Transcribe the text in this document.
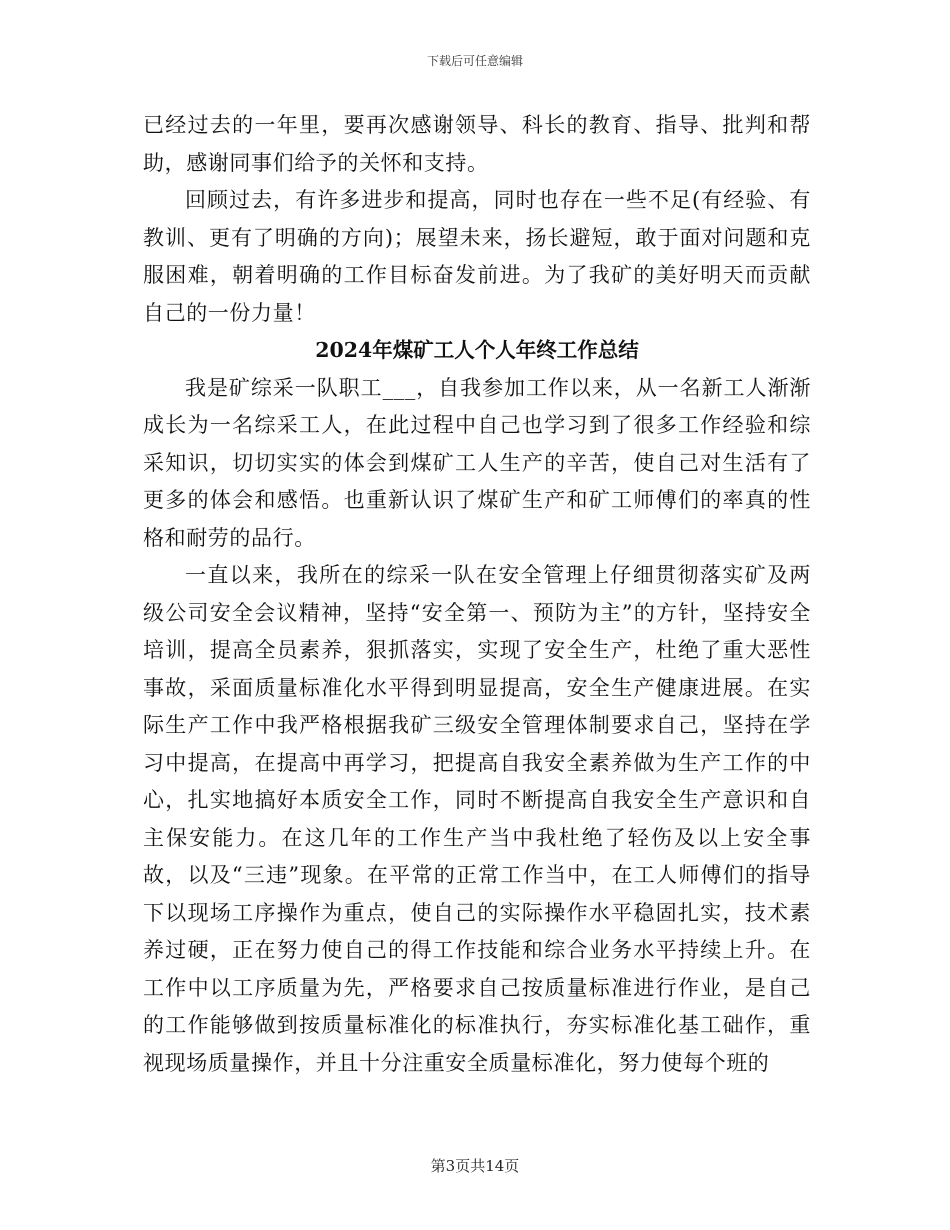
下载后可任意编辑

已经过去的一年里，要再次感谢领导、科长的教育、指导、批判和帮助，感谢同事们给予的关怀和支持。

回顾过去，有许多进步和提高，同时也存在一些不足(有经验、有教训、更有了明确的方向)；展望未来，扬长避短，敢于面对问题和克服困难，朝着明确的工作目标奋发前进。为了我矿的美好明天而贡献自己的一份力量！

2024年煤矿工人个人年终工作总结

我是矿综采一队职工___，自我参加工作以来，从一名新工人渐渐成长为一名综采工人，在此过程中自己也学习到了很多工作经验和综采知识，切切实实的体会到煤矿工人生产的辛苦，使自己对生活有了更多的体会和感悟。也重新认识了煤矿生产和矿工师傅们的率真的性格和耐劳的品行。

一直以来，我所在的综采一队在安全管理上仔细贯彻落实矿及两级公司安全会议精神，坚持“安全第一、预防为主”的方针，坚持安全培训，提高全员素养，狠抓落实，实现了安全生产，杜绝了重大恶性事故，采面质量标准化水平得到明显提高，安全生产健康进展。在实际生产工作中我严格根据我矿三级安全管理体制要求自己，坚持在学习中提高，在提高中再学习，把提高自我安全素养做为生产工作的中心，扎实地搞好本质安全工作，同时不断提高自我安全生产意识和自主保安能力。在这几年的工作生产当中我杜绝了轻伤及以上安全事故，以及“三违”现象。在平常的正常工作当中，在工人师傅们的指导下以现场工序操作为重点，使自己的实际操作水平稳固扎实，技术素养过硬，正在努力使自己的得工作技能和综合业务水平持续上升。在工作中以工序质量为先，严格要求自己按质量标准进行作业，是自己的工作能够做到按质量标准化的标准执行，夯实标准化基工础作，重视现场质量操作，并且十分注重安全质量标准化，努力使每个班的

第3页共14页
